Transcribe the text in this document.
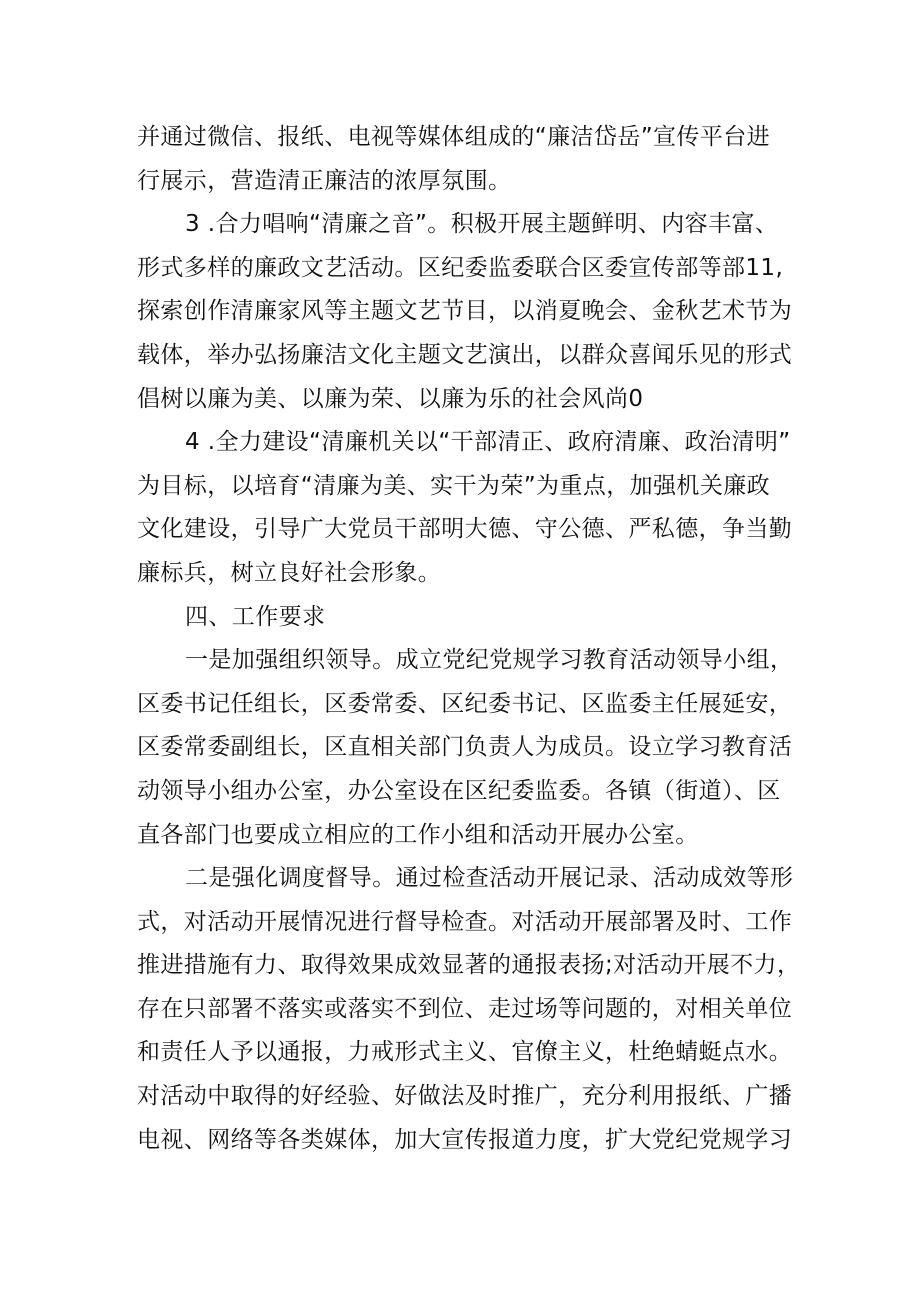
并通过微信、报纸、电视等媒体组成的“廉洁岱岳”宣传平台进
行展示，营造清正廉洁的浓厚氛围。
3 .合力唱响“清廉之音”。积极开展主题鲜明、内容丰富、
形式多样的廉政文艺活动。区纪委监委联合区委宣传部等部11,
探索创作清廉家风等主题文艺节目，以消夏晚会、金秋艺术节为
载体，举办弘扬廉洁文化主题文艺演出，以群众喜闻乐见的形式
倡树以廉为美、以廉为荣、以廉为乐的社会风尚0
4 .全力建设“清廉机关以“干部清正、政府清廉、政治清明”
为目标，以培育“清廉为美、实干为荣”为重点，加强机关廉政
文化建设，引导广大党员干部明大德、守公德、严私德，争当勤
廉标兵，树立良好社会形象。
四、工作要求
一是加强组织领导。成立党纪党规学习教育活动领导小组，
区委书记任组长，区委常委、区纪委书记、区监委主任展延安，
区委常委副组长，区直相关部门负责人为成员。设立学习教育活
动领导小组办公室，办公室设在区纪委监委。各镇（街道）、区
直各部门也要成立相应的工作小组和活动开展办公室。
二是强化调度督导。通过检查活动开展记录、活动成效等形
式，对活动开展情况进行督导检查。对活动开展部署及时、工作
推进措施有力、取得效果成效显著的通报表扬;对活动开展不力，
存在只部署不落实或落实不到位、走过场等问题的，对相关单位
和责任人予以通报，力戒形式主义、官僚主义，杜绝蜻蜓点水。
对活动中取得的好经验、好做法及时推广，充分利用报纸、广播
电视、网络等各类媒体，加大宣传报道力度，扩大党纪党规学习
